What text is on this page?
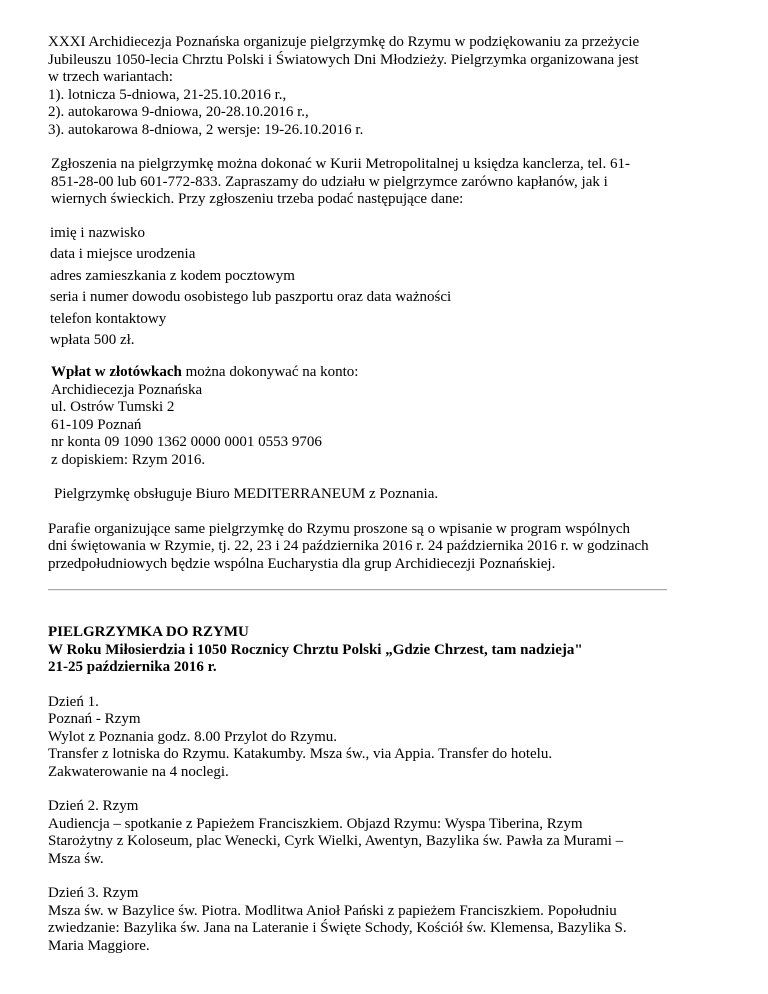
XXXI Archidiecezja Poznańska organizuje pielgrzymkę do Rzymu w podziękowaniu za przeżycie
Jubileuszu 1050-lecia Chrztu Polski i Światowych Dni Młodzieży. Pielgrzymka organizowana jest
w trzech wariantach:
1). lotnicza 5-dniowa, 21-25.10.2016 r.,
2). autokarowa 9-dniowa, 20-28.10.2016 r.,
3). autokarowa 8-dniowa, 2 wersje: 19-26.10.2016 r.

Zgłoszenia na pielgrzymkę można dokonać w Kurii Metropolitalnej u księdza kanclerza, tel. 61-
851-28-00 lub 601-772-833. Zapraszamy do udziału w pielgrzymce zarówno kapłanów, jak i
wiernych świeckich. Przy zgłoszeniu trzeba podać następujące dane:

imię i nazwisko
data i miejsce urodzenia
adres zamieszkania z kodem pocztowym
seria i numer dowodu osobistego lub paszportu oraz data ważności
telefon kontaktowy
wpłata 500 zł.

Wpłat w złotówkach można dokonywać na konto:
Archidiecezja Poznańska
ul. Ostrów Tumski 2
61-109 Poznań
nr konta 09 1090 1362 0000 0001 0553 9706
z dopiskiem: Rzym 2016.

Pielgrzymkę obsługuje Biuro MEDITERRANEUM z Poznania.

Parafie organizujące same pielgrzymkę do Rzymu proszone są o wpisanie w program wspólnych
dni świętowania w Rzymie, tj. 22, 23 i 24 października 2016 r. 24 października 2016 r. w godzinach
przedpołudniowych będzie wspólna Eucharystia dla grup Archidiecezji Poznańskiej.

PIELGRZYMKA DO RZYMU
W Roku Miłosierdzia i 1050 Rocznicy Chrztu Polski „Gdzie Chrzest, tam nadzieja"
21-25 października 2016 r.
Dzień 1.
Poznań - Rzym
Wylot z Poznania godz. 8.00 Przylot do Rzymu.
Transfer z lotniska do Rzymu. Katakumby. Msza św., via Appia. Transfer do hotelu.
Zakwaterowanie na 4 noclegi.
Dzień 2. Rzym
Audiencja – spotkanie z Papieżem Franciszkiem. Objazd Rzymu: Wyspa Tiberina, Rzym
Starożytny z Koloseum, plac Wenecki, Cyrk Wielki, Awentyn, Bazylika św. Pawła za Murami –
Msza św.
Dzień 3. Rzym
Msza św. w Bazylice św. Piotra. Modlitwa Anioł Pański z papieżem Franciszkiem. Popołudniu
zwiedzanie: Bazylika św. Jana na Lateranie i Święte Schody, Kościół św. Klemensa, Bazylika S.
Maria Maggiore.
